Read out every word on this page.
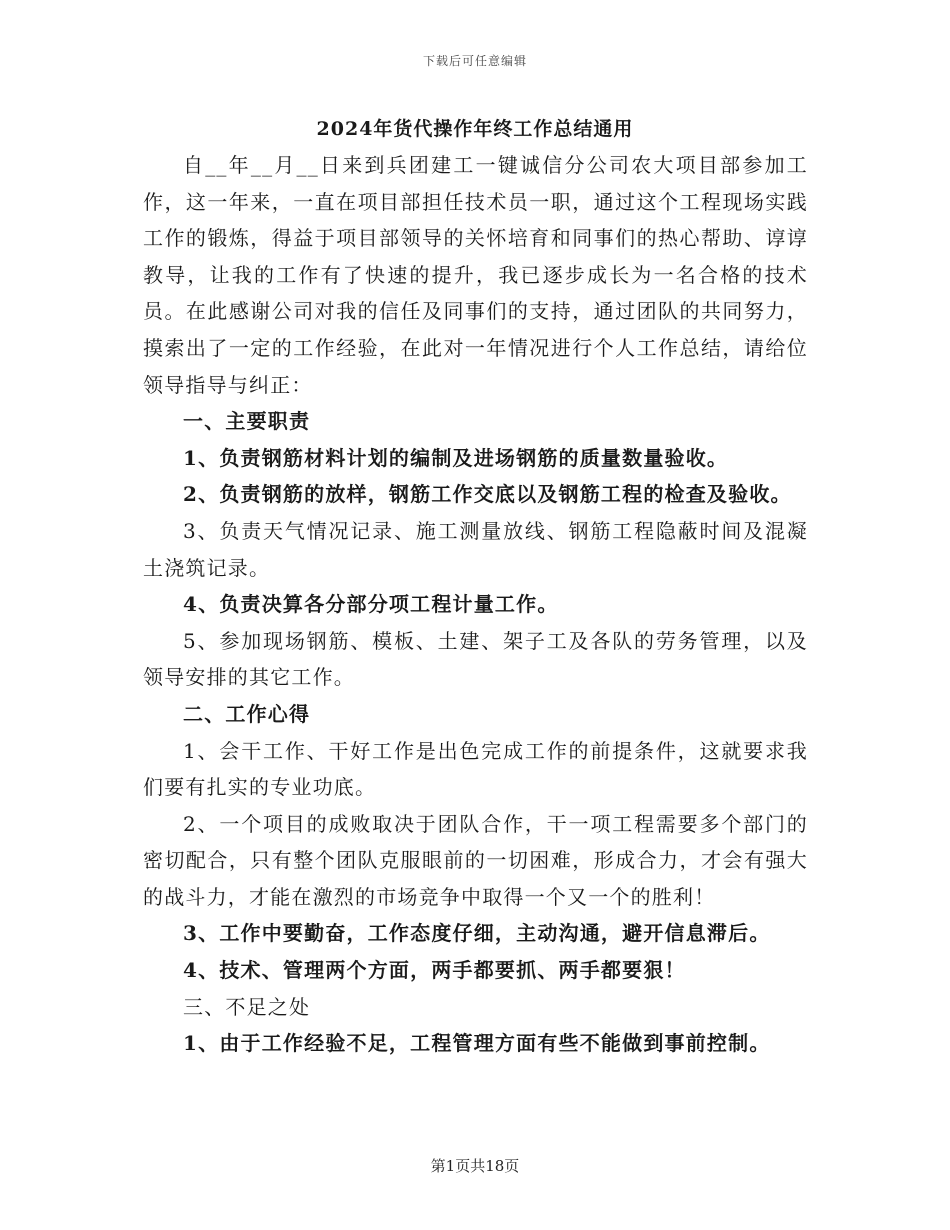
下载后可任意编辑
2024年货代操作年终工作总结通用

自__年__月__日来到兵团建工一键诚信分公司农大项目部参加工作，这一年来，一直在项目部担任技术员一职，通过这个工程现场实践工作的锻炼，得益于项目部领导的关怀培育和同事们的热心帮助、谆谆教导，让我的工作有了快速的提升，我已逐步成长为一名合格的技术员。在此感谢公司对我的信任及同事们的支持，通过团队的共同努力，摸索出了一定的工作经验，在此对一年情况进行个人工作总结，请给位领导指导与纠正：

一、主要职责

1、负责钢筋材料计划的编制及进场钢筋的质量数量验收。

2、负责钢筋的放样，钢筋工作交底以及钢筋工程的检查及验收。

3、负责天气情况记录、施工测量放线、钢筋工程隐蔽时间及混凝土浇筑记录。

4、负责决算各分部分项工程计量工作。

5、参加现场钢筋、模板、土建、架子工及各队的劳务管理，以及领导安排的其它工作。

二、工作心得

1、会干工作、干好工作是出色完成工作的前提条件，这就要求我们要有扎实的专业功底。

2、一个项目的成败取决于团队合作，干一项工程需要多个部门的密切配合，只有整个团队克服眼前的一切困难，形成合力，才会有强大的战斗力，才能在激烈的市场竞争中取得一个又一个的胜利！

3、工作中要勤奋，工作态度仔细，主动沟通，避开信息滞后。

4、技术、管理两个方面，两手都要抓、两手都要狠！

三、不足之处

1、由于工作经验不足，工程管理方面有些不能做到事前控制。

第1页共18页
